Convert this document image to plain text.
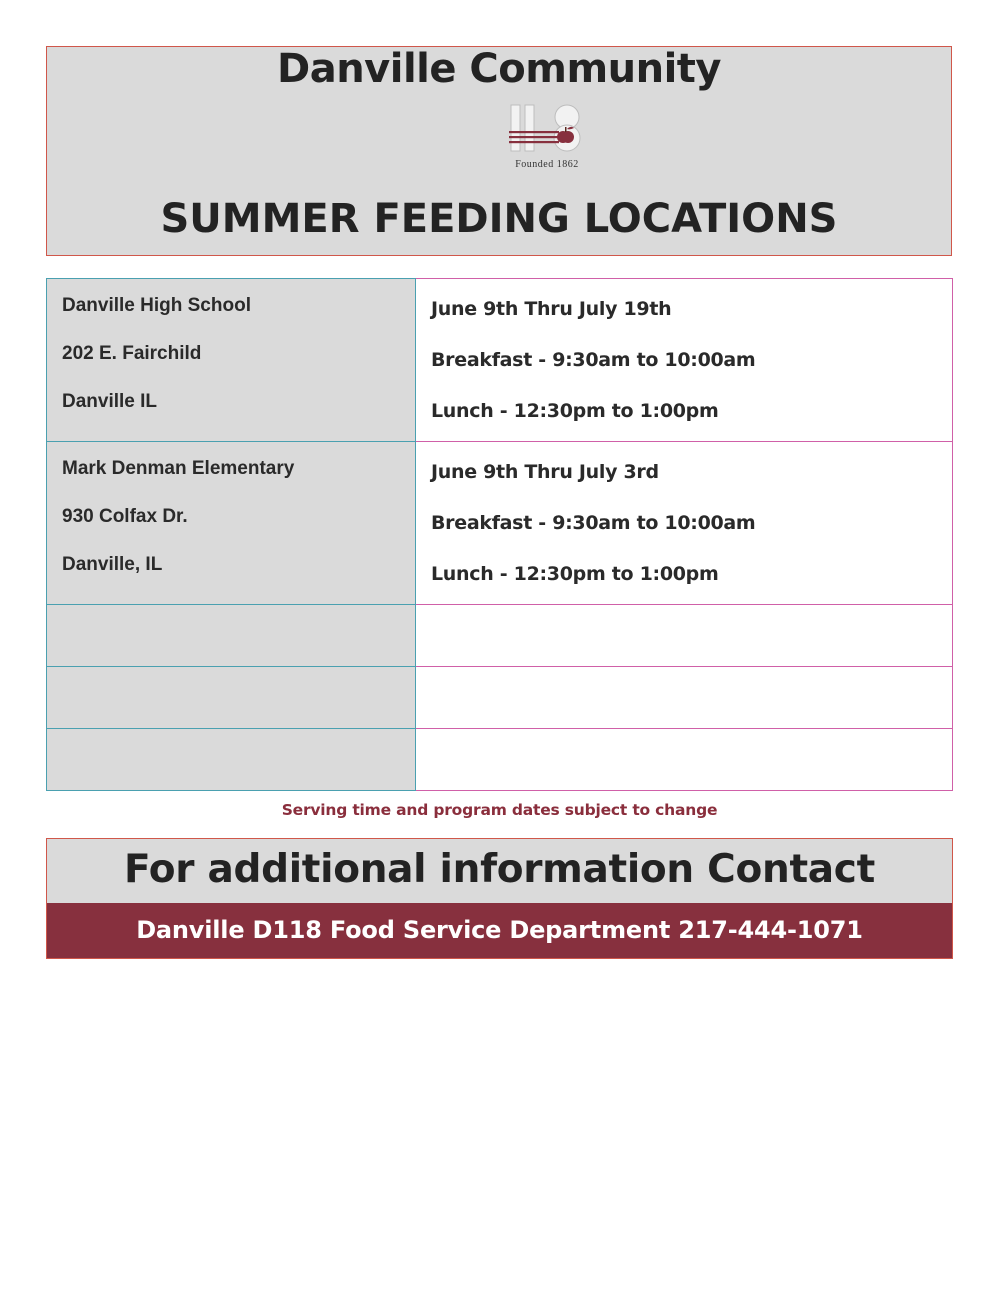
Danville Community
Founded 1862
SUMMER FEEDING LOCATIONS
Danville High School
202 E. Fairchild
Danville IL
June 9th Thru July 19th
Breakfast - 9:30am to 10:00am
Lunch - 12:30pm to 1:00pm
Mark Denman Elementary
930 Colfax Dr.
Danville, IL
June 9th Thru July 3rd
Breakfast - 9:30am to 10:00am
Lunch - 12:30pm to 1:00pm
Serving time and program dates subject to change
For additional information Contact
Danville D118 Food Service Department 217-444-1071
